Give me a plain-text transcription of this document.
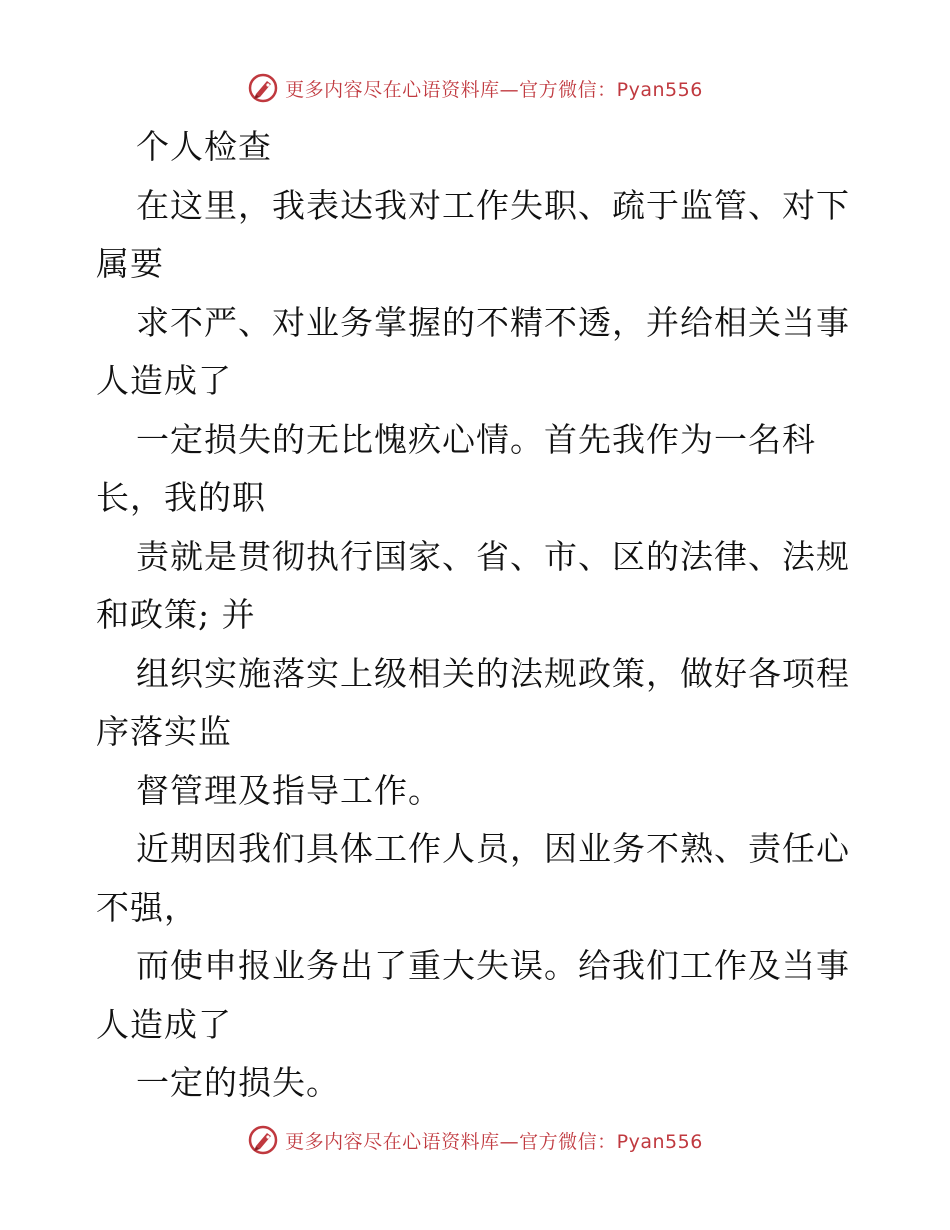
更多内容尽在心语资料库—官方微信：Pyan556
个人检查
在这里，我表达我对工作失职、疏于监管、对下
属要
求不严、对业务掌握的不精不透，并给相关当事
人造成了
一定损失的无比愧疚心情。首先我作为一名科
长，我的职
责就是贯彻执行国家、省、市、区的法律、法规
和政策; 并
组织实施落实上级相关的法规政策，做好各项程
序落实监
督管理及指导工作。
近期因我们具体工作人员，因业务不熟、责任心
不强，
而使申报业务出了重大失误。给我们工作及当事
人造成了
一定的损失。
更多内容尽在心语资料库—官方微信：Pyan556
